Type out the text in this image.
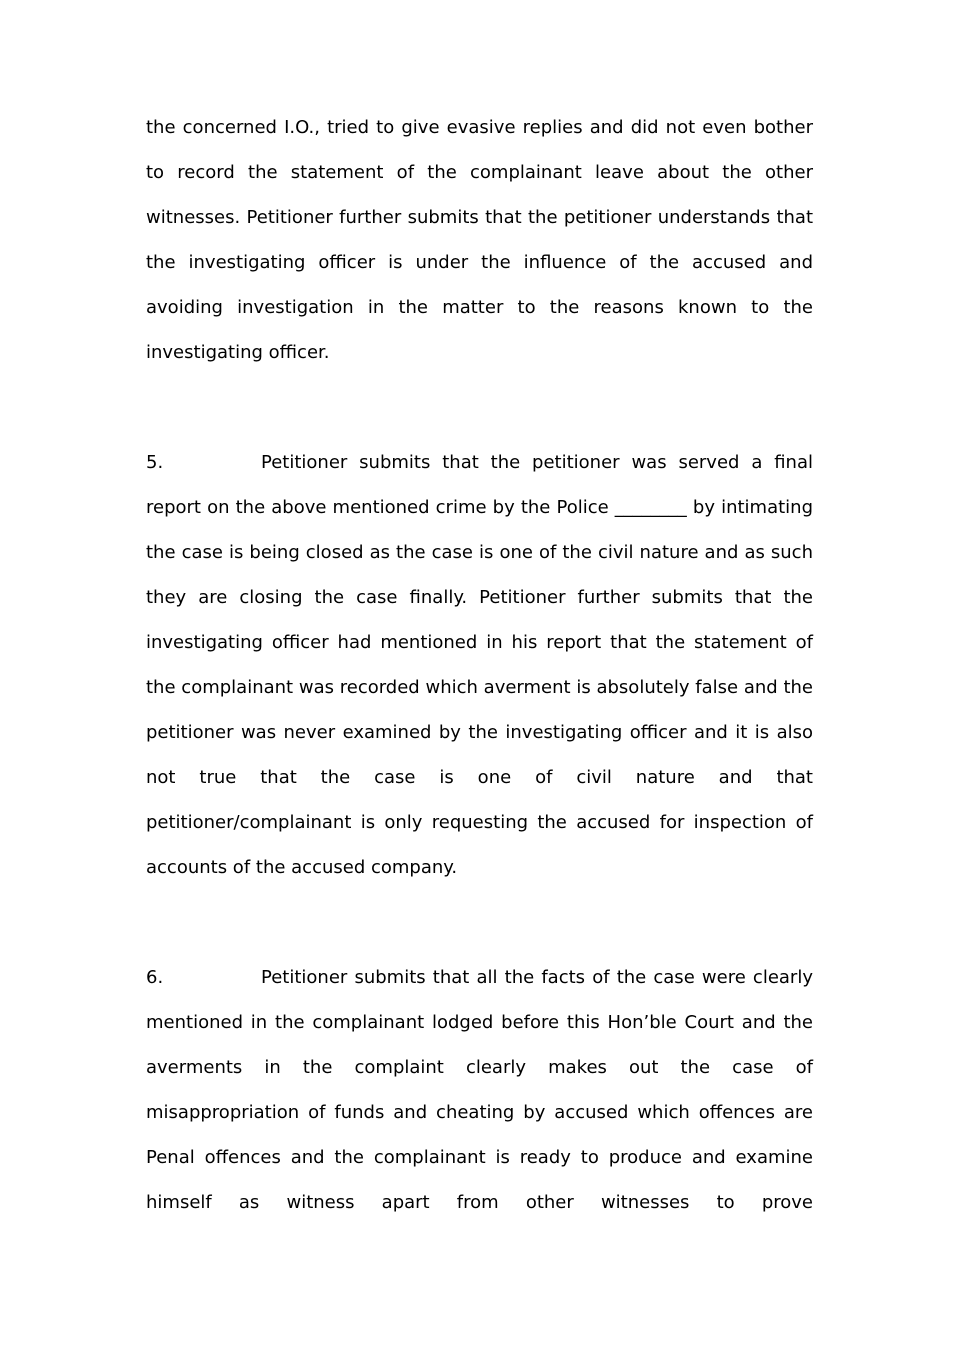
the concerned I.O., tried to give evasive replies and did not even bother to record the statement of the complainant leave about the other witnesses. Petitioner further submits that the petitioner understands that the investigating officer is under the influence of the accused and avoiding investigation in the matter to the reasons known to the investigating officer.

5.	Petitioner submits that the petitioner was served a final report on the above mentioned crime by the Police ________ by intimating the case is being closed as the case is one of the civil nature and as such they are closing the case finally. Petitioner further submits that the investigating officer had mentioned in his report that the statement of the complainant was recorded which averment is absolutely false and the petitioner was never examined by the investigating officer and it is also not true that the case is one of civil nature and that petitioner/complainant is only requesting the accused for inspection of accounts of the accused company.

6.	Petitioner submits that all the facts of the case were clearly mentioned in the complainant lodged before this Hon’ble Court and the averments in the complaint clearly makes out the case of misappropriation of funds and cheating by accused which offences are Penal offences and the complainant is ready to produce and examine himself as witness apart from other witnesses to prove
